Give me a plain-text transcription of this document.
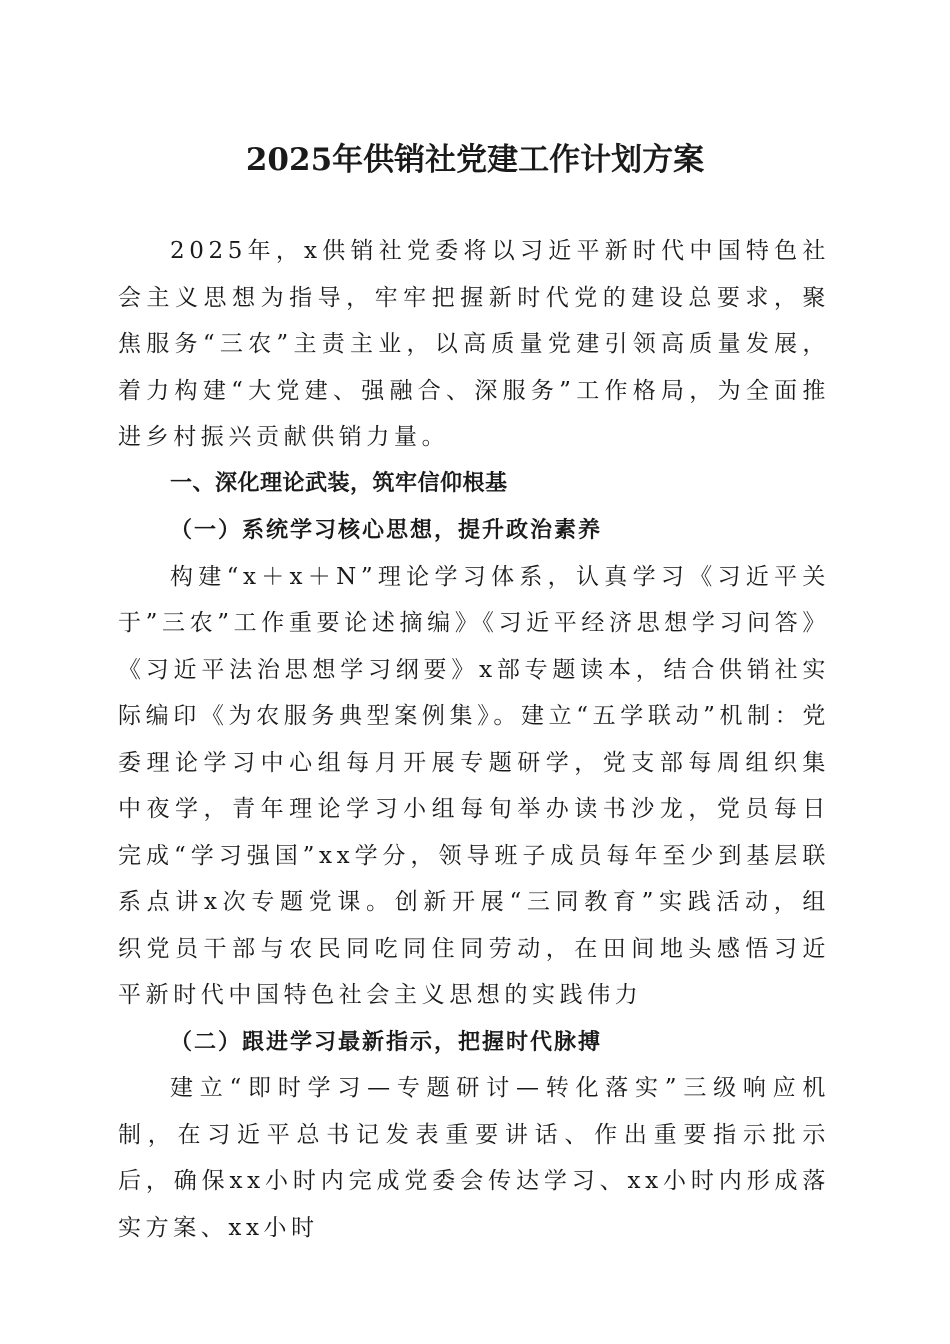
2025年供销社党建工作计划方案

2025年，x供销社党委将以习近平新时代中国特色社会主义思想为指导，牢牢把握新时代党的建设总要求，聚焦服务“三农”主责主业，以高质量党建引领高质量发展，着力构建“大党建、强融合、深服务”工作格局，为全面推进乡村振兴贡献供销力量。

一、深化理论武装，筑牢信仰根基

（一）系统学习核心思想，提升政治素养

构建“x＋x＋N”理论学习体系，认真学习《习近平关于”三农”工作重要论述摘编》《习近平经济思想学习问答》《习近平法治思想学习纲要》x部专题读本，结合供销社实际编印《为农服务典型案例集》。建立“五学联动”机制：党委理论学习中心组每月开展专题研学，党支部每周组织集中夜学，青年理论学习小组每旬举办读书沙龙，党员每日完成“学习强国”xx学分，领导班子成员每年至少到基层联系点讲x次专题党课。创新开展“三同教育”实践活动，组织党员干部与农民同吃同住同劳动，在田间地头感悟习近平新时代中国特色社会主义思想的实践伟力

（二）跟进学习最新指示，把握时代脉搏

建立“即时学习—专题研讨—转化落实”三级响应机制，在习近平总书记发表重要讲话、作出重要指示批示后，确保xx小时内完成党委会传达学习、xx小时内形成落实方案、xx小时
